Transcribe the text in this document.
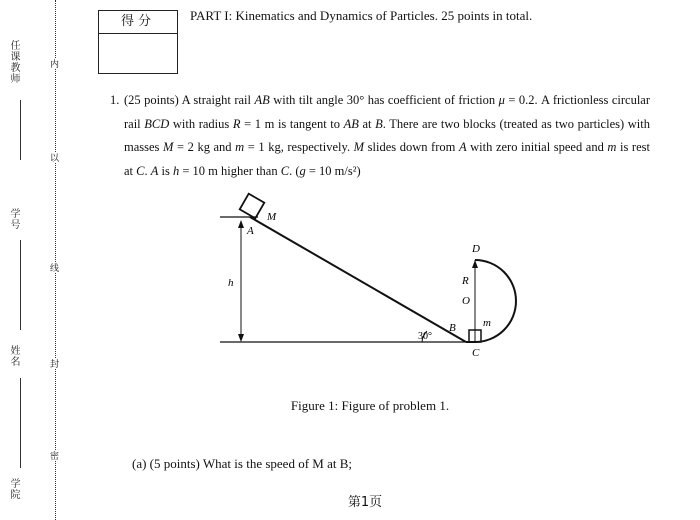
任课教师
学号
姓名
学院
内
以
线
封
密
得分	PART I: Kinematics and Dynamics of Particles. 25 points in total.
1. (25 points) A straight rail AB with tilt angle 30° has coefficient of friction μ = 0.2. A frictionless circular rail BCD with radius R = 1 m is tangent to AB at B. There are two blocks (treated as two particles) with masses M = 2 kg and m = 1 kg, respectively. M slides down from A with zero initial speed and m is rest at C. A is h = 10 m higher than C. (g = 10 m/s²)
M
A
h
30°
B
C
D
R
O
m
Figure 1: Figure of problem 1.
(a) (5 points) What is the speed of M at B;
第1页
